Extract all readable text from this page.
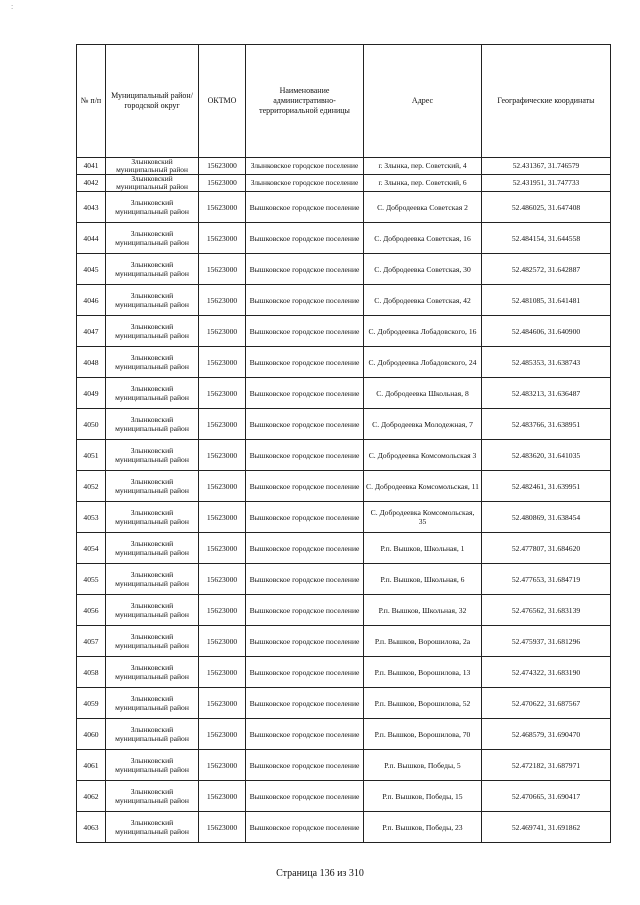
:
№ п/п	Муниципальный район/городской округ	ОКТМО	Наименование административно-территориальной единицы	Адрес	Географические координаты
4041	Злынковский муниципальный район	15623000	Злынковское городское поселение	г. Злынка, пер. Советский, 4	52.431367, 31.746579
4042	Злынковский муниципальный район	15623000	Злынковское городское поселение	г. Злынка, пер. Советский, 6	52.431951, 31.747733
4043	Злынковский муниципальный район	15623000	Вышковское городское поселение	С. Добродеевка Советская 2	52.486025, 31.647408
4044	Злынковский муниципальный район	15623000	Вышковское городское поселение	С. Добродеевка Советская, 16	52.484154, 31.644558
4045	Злынковский муниципальный район	15623000	Вышковское городское поселение	С. Добродеевка Советская, 30	52.482572, 31.642887
4046	Злынковский муниципальный район	15623000	Вышковское городское поселение	С. Добродеевка Советская, 42	52.481085, 31.641481
4047	Злынковский муниципальный район	15623000	Вышковское городское поселение	С. Добродеевка Лобадовского, 16	52.484606, 31.640900
4048	Злынковский муниципальный район	15623000	Вышковское городское поселение	С. Добродеевка Лобадовского, 24	52.485353, 31.638743
4049	Злынковский муниципальный район	15623000	Вышковское городское поселение	С. Добродеевка Школьная, 8	52.483213, 31.636487
4050	Злынковский муниципальный район	15623000	Вышковское городское поселение	С. Добродеевка Молодежная, 7	52.483766, 31.638951
4051	Злынковский муниципальный район	15623000	Вышковское городское поселение	С. Добродеевка Комсомольская 3	52.483620, 31.641035
4052	Злынковский муниципальный район	15623000	Вышковское городское поселение	С. Добродеевка Комсомольская, 11	52.482461, 31.639951
4053	Злынковский муниципальный район	15623000	Вышковское городское поселение	С. Добродеевка Комсомольская, 35	52.480869, 31.638454
4054	Злынковский муниципальный район	15623000	Вышковское городское поселение	Р.п. Вышков, Школьная, 1	52.477807, 31.684620
4055	Злынковский муниципальный район	15623000	Вышковское городское поселение	Р.п. Вышков, Школьная, 6	52.477653, 31.684719
4056	Злынковский муниципальный район	15623000	Вышковское городское поселение	Р.п. Вышков, Школьная, 32	52.476562, 31.683139
4057	Злынковский муниципальный район	15623000	Вышковское городское поселение	Р.п. Вышков, Ворошилова, 2а	52.475937, 31.681296
4058	Злынковский муниципальный район	15623000	Вышковское городское поселение	Р.п. Вышков, Ворошилова, 13	52.474322, 31.683190
4059	Злынковский муниципальный район	15623000	Вышковское городское поселение	Р.п. Вышков, Ворошилова, 52	52.470622, 31.687567
4060	Злынковский муниципальный район	15623000	Вышковское городское поселение	Р.п. Вышков, Ворошилова, 70	52.468579, 31.690470
4061	Злынковский муниципальный район	15623000	Вышковское городское поселение	Р.п. Вышков, Победы, 5	52.472182, 31.687971
4062	Злынковский муниципальный район	15623000	Вышковское городское поселение	Р.п. Вышков, Победы, 15	52.470665, 31.690417
4063	Злынковский муниципальный район	15623000	Вышковское городское поселение	Р.п. Вышков, Победы, 23	52.469741, 31.691862
Страница 136 из 310
